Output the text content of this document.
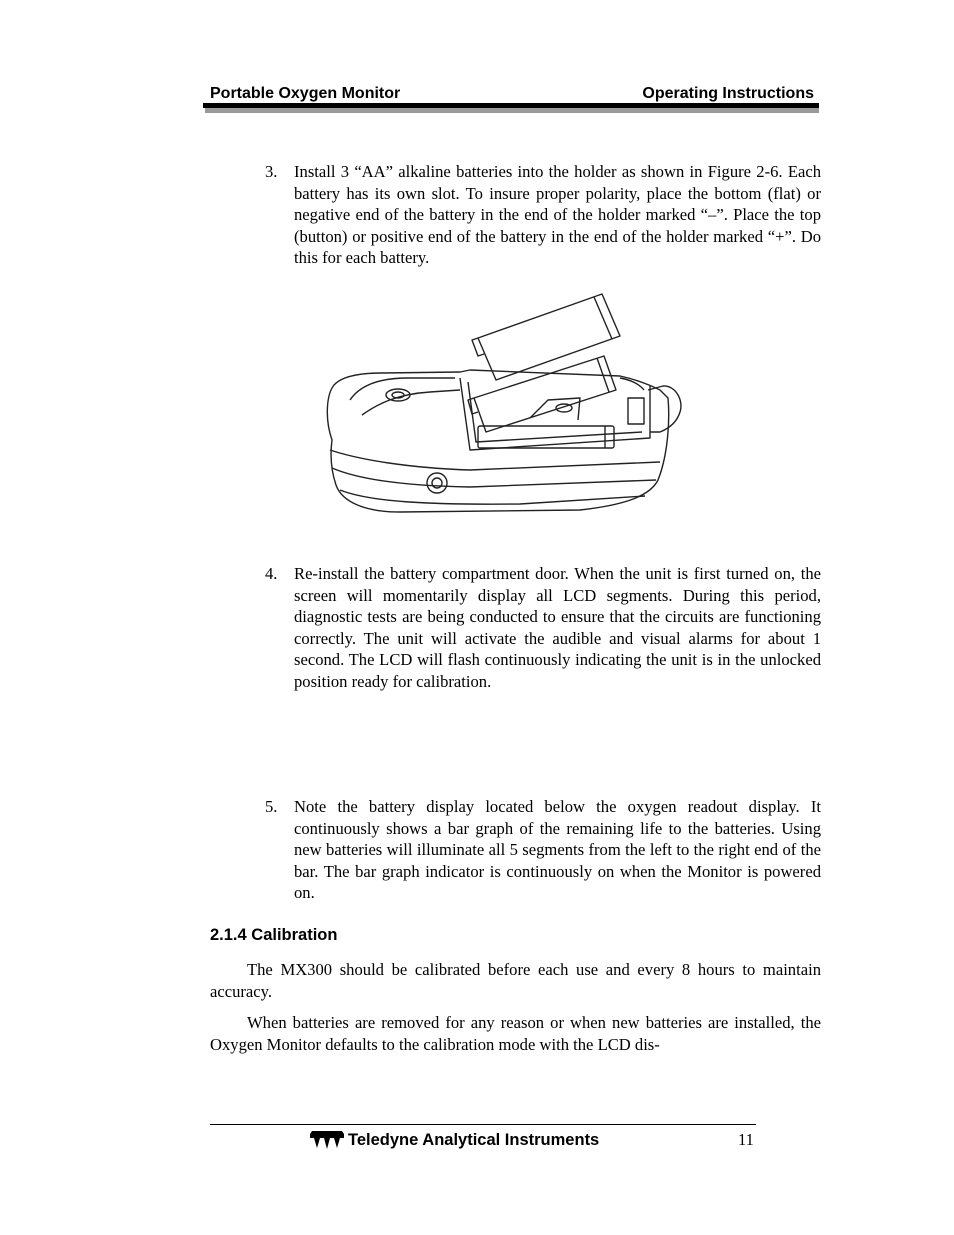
Portable Oxygen Monitor	Operating Instructions
3. Install 3 “AA” alkaline batteries into the holder as shown in Figure 2-6. Each battery has its own slot. To insure proper polarity, place the bottom (flat) or negative end of the battery in the end of the holder marked “–”. Place the top (button) or positive end of the battery in the end of the holder marked “+”. Do this for each battery.
4. Re-install the battery compartment door. When the unit is first turned on, the screen will momentarily display all LCD segments. During this period, diagnostic tests are being conducted to ensure that the circuits are functioning correctly. The unit will activate the audible and visual alarms for about 1 second. The LCD will flash continuously indicating the unit is in the unlocked position ready for calibration.
5. Note the battery display located below the oxygen readout display. It continuously shows a bar graph of the remaining life to the batteries. Using new batteries will illuminate all 5 segments from the left to the right end of the bar. The bar graph indicator is continuously on when the Monitor is powered on.
2.1.4 Calibration
The MX300 should be calibrated before each use and every 8 hours to maintain accuracy.
When batteries are removed for any reason or when new batteries are installed, the Oxygen Monitor defaults to the calibration mode with the LCD dis-
Teledyne Analytical Instruments	11
